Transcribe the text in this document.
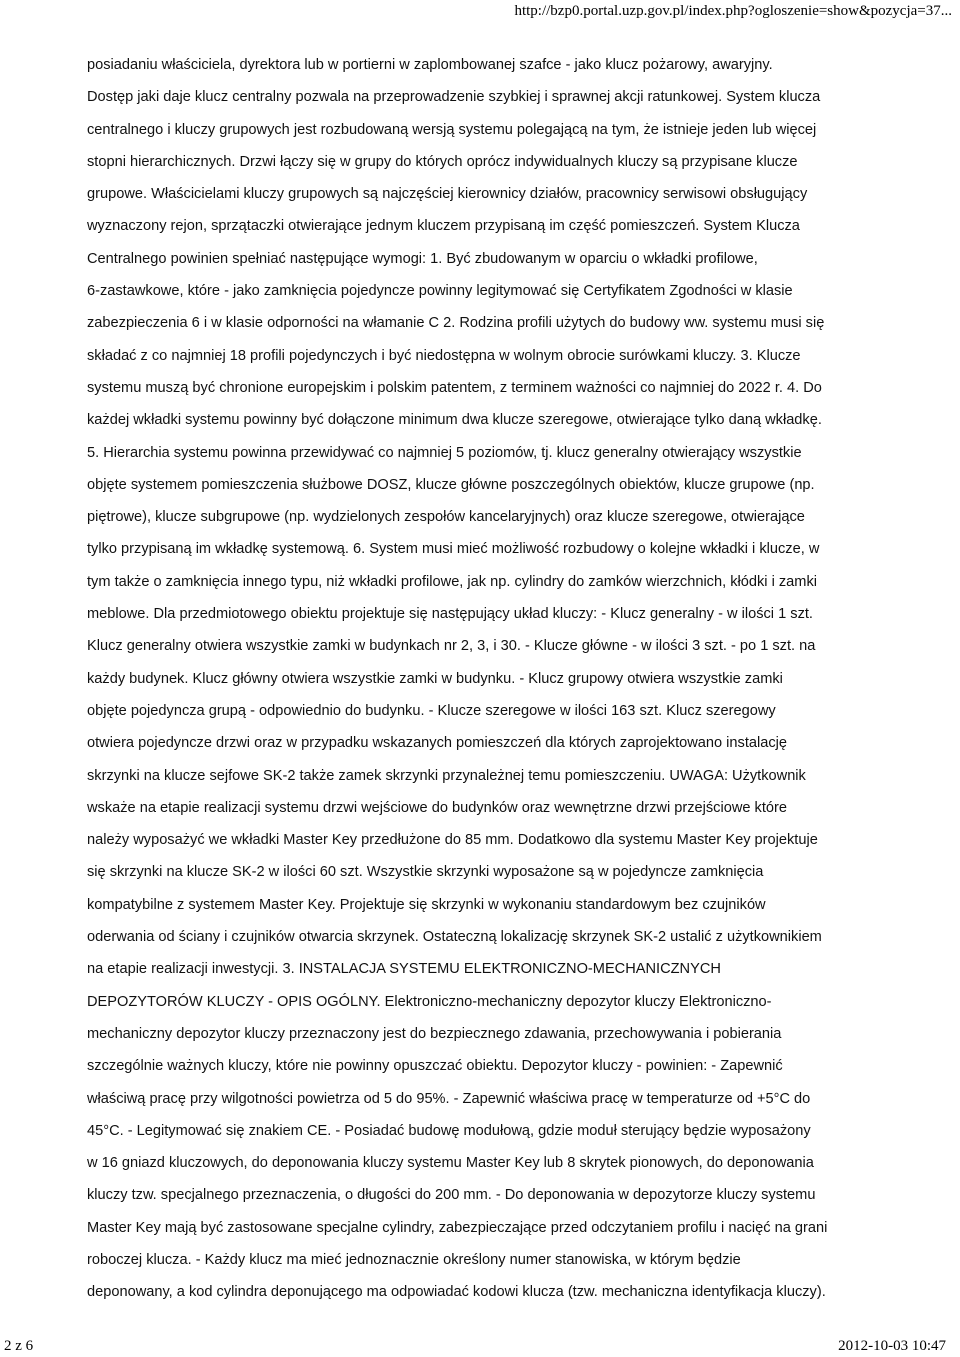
http://bzp0.portal.uzp.gov.pl/index.php?ogloszenie=show&pozycja=37...
posiadaniu właściciela, dyrektora lub w portierni w zaplombowanej szafce - jako klucz pożarowy, awaryjny.
Dostęp jaki daje klucz centralny pozwala na przeprowadzenie szybkiej i sprawnej akcji ratunkowej. System klucza
centralnego i kluczy grupowych jest rozbudowaną wersją systemu polegającą na tym, że istnieje jeden lub więcej
stopni hierarchicznych. Drzwi łączy się w grupy do których oprócz indywidualnych kluczy są przypisane klucze
grupowe. Właścicielami kluczy grupowych są najczęściej kierownicy działów, pracownicy serwisowi obsługujący
wyznaczony rejon, sprzątaczki otwierające jednym kluczem przypisaną im część pomieszczeń. System Klucza
Centralnego powinien spełniać następujące wymogi: 1. Być zbudowanym w oparciu o wkładki profilowe,
6-zastawkowe, które - jako zamknięcia pojedyncze powinny legitymować się Certyfikatem Zgodności w klasie
zabezpieczenia 6 i w klasie odporności na włamanie C 2. Rodzina profili użytych do budowy ww. systemu musi się
składać z co najmniej 18 profili pojedynczych i być niedostępna w wolnym obrocie surówkami kluczy. 3. Klucze
systemu muszą być chronione europejskim i polskim patentem, z terminem ważności co najmniej do 2022 r. 4. Do
każdej wkładki systemu powinny być dołączone minimum dwa klucze szeregowe, otwierające tylko daną wkładkę.
5. Hierarchia systemu powinna przewidywać co najmniej 5 poziomów, tj. klucz generalny otwierający wszystkie
objęte systemem pomieszczenia służbowe DOSZ, klucze główne poszczególnych obiektów, klucze grupowe (np.
piętrowe), klucze subgrupowe (np. wydzielonych zespołów kancelaryjnych) oraz klucze szeregowe, otwierające
tylko przypisaną im wkładkę systemową. 6. System musi mieć możliwość rozbudowy o kolejne wkładki i klucze, w
tym także o zamknięcia innego typu, niż wkładki profilowe, jak np. cylindry do zamków wierzchnich, kłódki i zamki
meblowe. Dla przedmiotowego obiektu projektuje się następujący układ kluczy: - Klucz generalny - w ilości 1 szt.
Klucz generalny otwiera wszystkie zamki w budynkach nr 2, 3, i 30. - Klucze główne - w ilości 3 szt. - po 1 szt. na
każdy budynek. Klucz główny otwiera wszystkie zamki w budynku. - Klucz grupowy otwiera wszystkie zamki
objęte pojedyncza grupą - odpowiednio do budynku. - Klucze szeregowe w ilości 163 szt. Klucz szeregowy
otwiera pojedyncze drzwi oraz w przypadku wskazanych pomieszczeń dla których zaprojektowano instalację
skrzynki na klucze sejfowe SK-2 także zamek skrzynki przynależnej temu pomieszczeniu. UWAGA: Użytkownik
wskaże na etapie realizacji systemu drzwi wejściowe do budynków oraz wewnętrzne drzwi przejściowe które
należy wyposażyć we wkładki Master Key przedłużone do 85 mm. Dodatkowo dla systemu Master Key projektuje
się skrzynki na klucze SK-2 w ilości 60 szt. Wszystkie skrzynki wyposażone są w pojedyncze zamknięcia
kompatybilne z systemem Master Key. Projektuje się skrzynki w wykonaniu standardowym bez czujników
oderwania od ściany i czujników otwarcia skrzynek. Ostateczną lokalizację skrzynek SK-2 ustalić z użytkownikiem
na etapie realizacji inwestycji. 3. INSTALACJA SYSTEMU ELEKTRONICZNO-MECHANICZNYCH
DEPOZYTORÓW KLUCZY - OPIS OGÓLNY. Elektroniczno-mechaniczny depozytor kluczy Elektroniczno-
mechaniczny depozytor kluczy przeznaczony jest do bezpiecznego zdawania, przechowywania i pobierania
szczególnie ważnych kluczy, które nie powinny opuszczać obiektu. Depozytor kluczy - powinien: - Zapewnić
właściwą pracę przy wilgotności powietrza od 5 do 95%. - Zapewnić właściwa pracę w temperaturze od +5°C do
45°C. - Legitymować się znakiem CE. - Posiadać budowę modułową, gdzie moduł sterujący będzie wyposażony
w 16 gniazd kluczowych, do deponowania kluczy systemu Master Key lub 8 skrytek pionowych, do deponowania
kluczy tzw. specjalnego przeznaczenia, o długości do 200 mm. - Do deponowania w depozytorze kluczy systemu
Master Key mają być zastosowane specjalne cylindry, zabezpieczające przed odczytaniem profilu i nacięć na grani
roboczej klucza. - Każdy klucz ma mieć jednoznacznie określony numer stanowiska, w którym będzie
deponowany, a kod cylindra deponującego ma odpowiadać kodowi klucza (tzw. mechaniczna identyfikacja kluczy).
2 z 6	2012-10-03 10:47
